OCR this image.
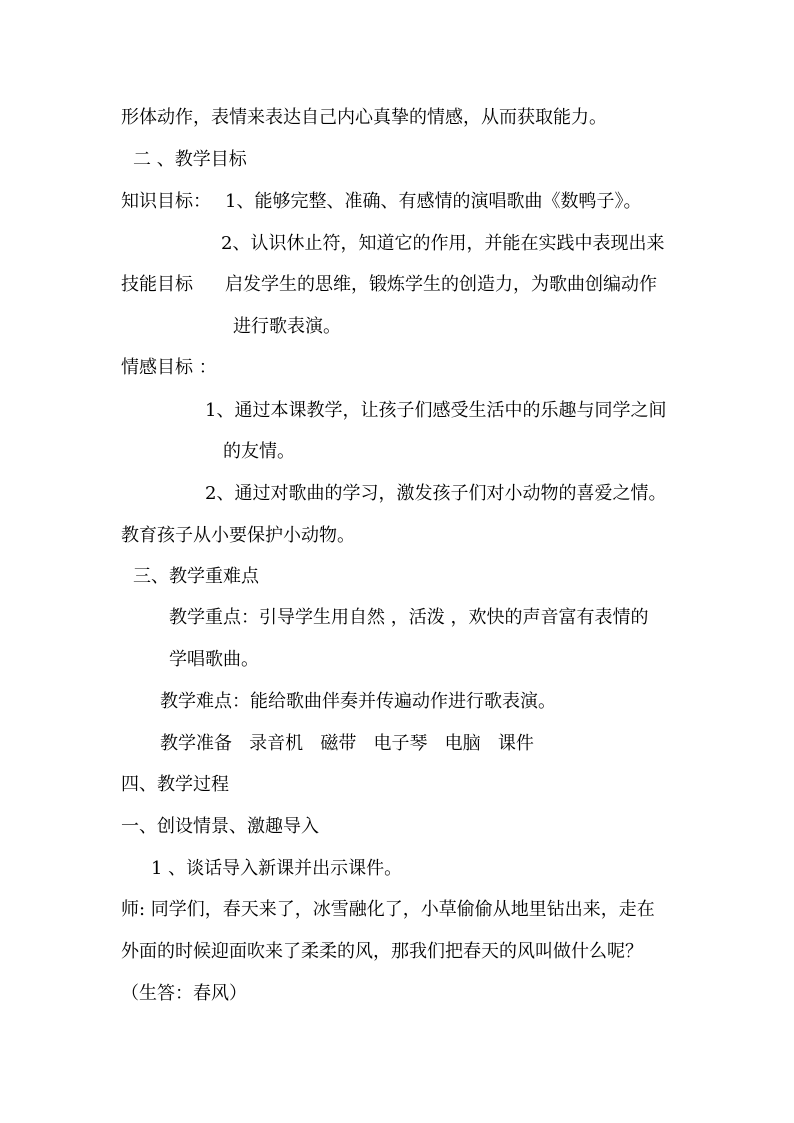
形体动作，表情来表达自己内心真挚的情感，从而获取能力。
二 、教学目标
知识目标： 1、能够完整、准确、有感情的演唱歌曲《数鸭子》。
2、认识休止符，知道它的作用，并能在实践中表现出来
技能目标 启发学生的思维，锻炼学生的创造力，为歌曲创编动作
进行歌表演。
情感目标 ：
1、通过本课教学，让孩子们感受生活中的乐趣与同学之间
的友情。
2、通过对歌曲的学习，激发孩子们对小动物的喜爱之情。
教育孩子从小要保护小动物。
三、教学重难点
教学重点：引导学生用自然 ，活泼 ，欢快的声音富有表情的
学唱歌曲。
教学难点：能给歌曲伴奏并传遍动作进行歌表演。
教学准备   录音机   磁带   电子琴   电脑   课件
四、教学过程
一、创设情景、激趣导入
1 、谈话导入新课并出示课件。
师: 同学们，春天来了，冰雪融化了，小草偷偷从地里钻出来，走在
外面的时候迎面吹来了柔柔的风，那我们把春天的风叫做什么呢？
（生答：春风）
